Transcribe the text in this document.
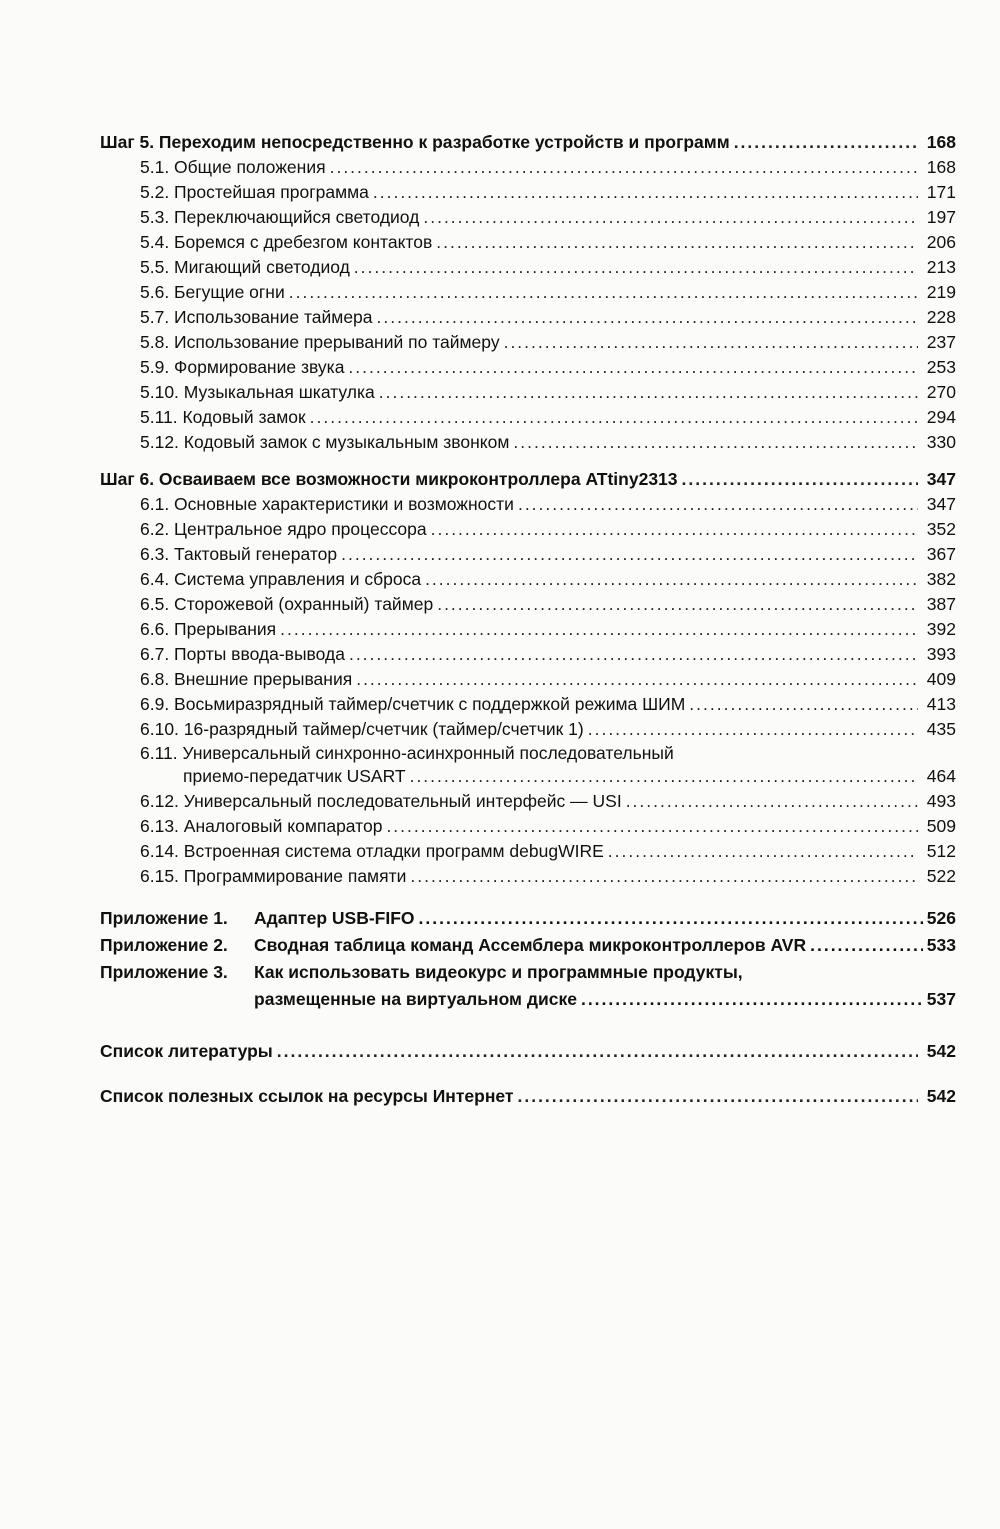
Шаг 5. Переходим непосредственно к разработке устройств и программ .....	168
5.1. Общие положения .....	168
5.2. Простейшая программа .....	171
5.3. Переключающийся светодиод .....	197
5.4. Боремся с дребезгом контактов .....	206
5.5. Мигающий светодиод .....	213
5.6. Бегущие огни .....	219
5.7. Использование таймера .....	228
5.8. Использование прерываний по таймеру .....	237
5.9. Формирование звука .....	253
5.10. Музыкальная шкатулка .....	270
5.11. Кодовый замок .....	294
5.12. Кодовый замок с музыкальным звонком .....	330
Шаг 6. Осваиваем все возможности микроконтроллера ATtiny2313 .....	347
6.1. Основные характеристики и возможности .....	347
6.2. Центральное ядро процессора .....	352
6.3. Тактовый генератор .....	367
6.4. Система управления и сброса .....	382
6.5. Сторожевой (охранный) таймер .....	387
6.6. Прерывания .....	392
6.7. Порты ввода-вывода .....	393
6.8. Внешние прерывания .....	409
6.9. Восьмиразрядный таймер/счетчик с поддержкой режима ШИМ .....	413
6.10. 16-разрядный таймер/счетчик (таймер/счетчик 1) .....	435
6.11. Универсальный синхронно-асинхронный последовательный
приемо-передатчик USART .....	464
6.12. Универсальный последовательный интерфейс — USI .....	493
6.13. Аналоговый компаратор .....	509
6.14. Встроенная система отладки программ debugWIRE .....	512
6.15. Программирование памяти .....	522
Приложение 1.	Адаптер USB-FIFO .....	526
Приложение 2.	Сводная таблица команд Ассемблера микроконтроллеров AVR .....	533
Приложение 3.	Как использовать видеокурс и программные продукты,
размещенные на виртуальном диске .....	537
Список литературы .....	542
Список полезных ссылок на ресурсы Интернет .....	542
